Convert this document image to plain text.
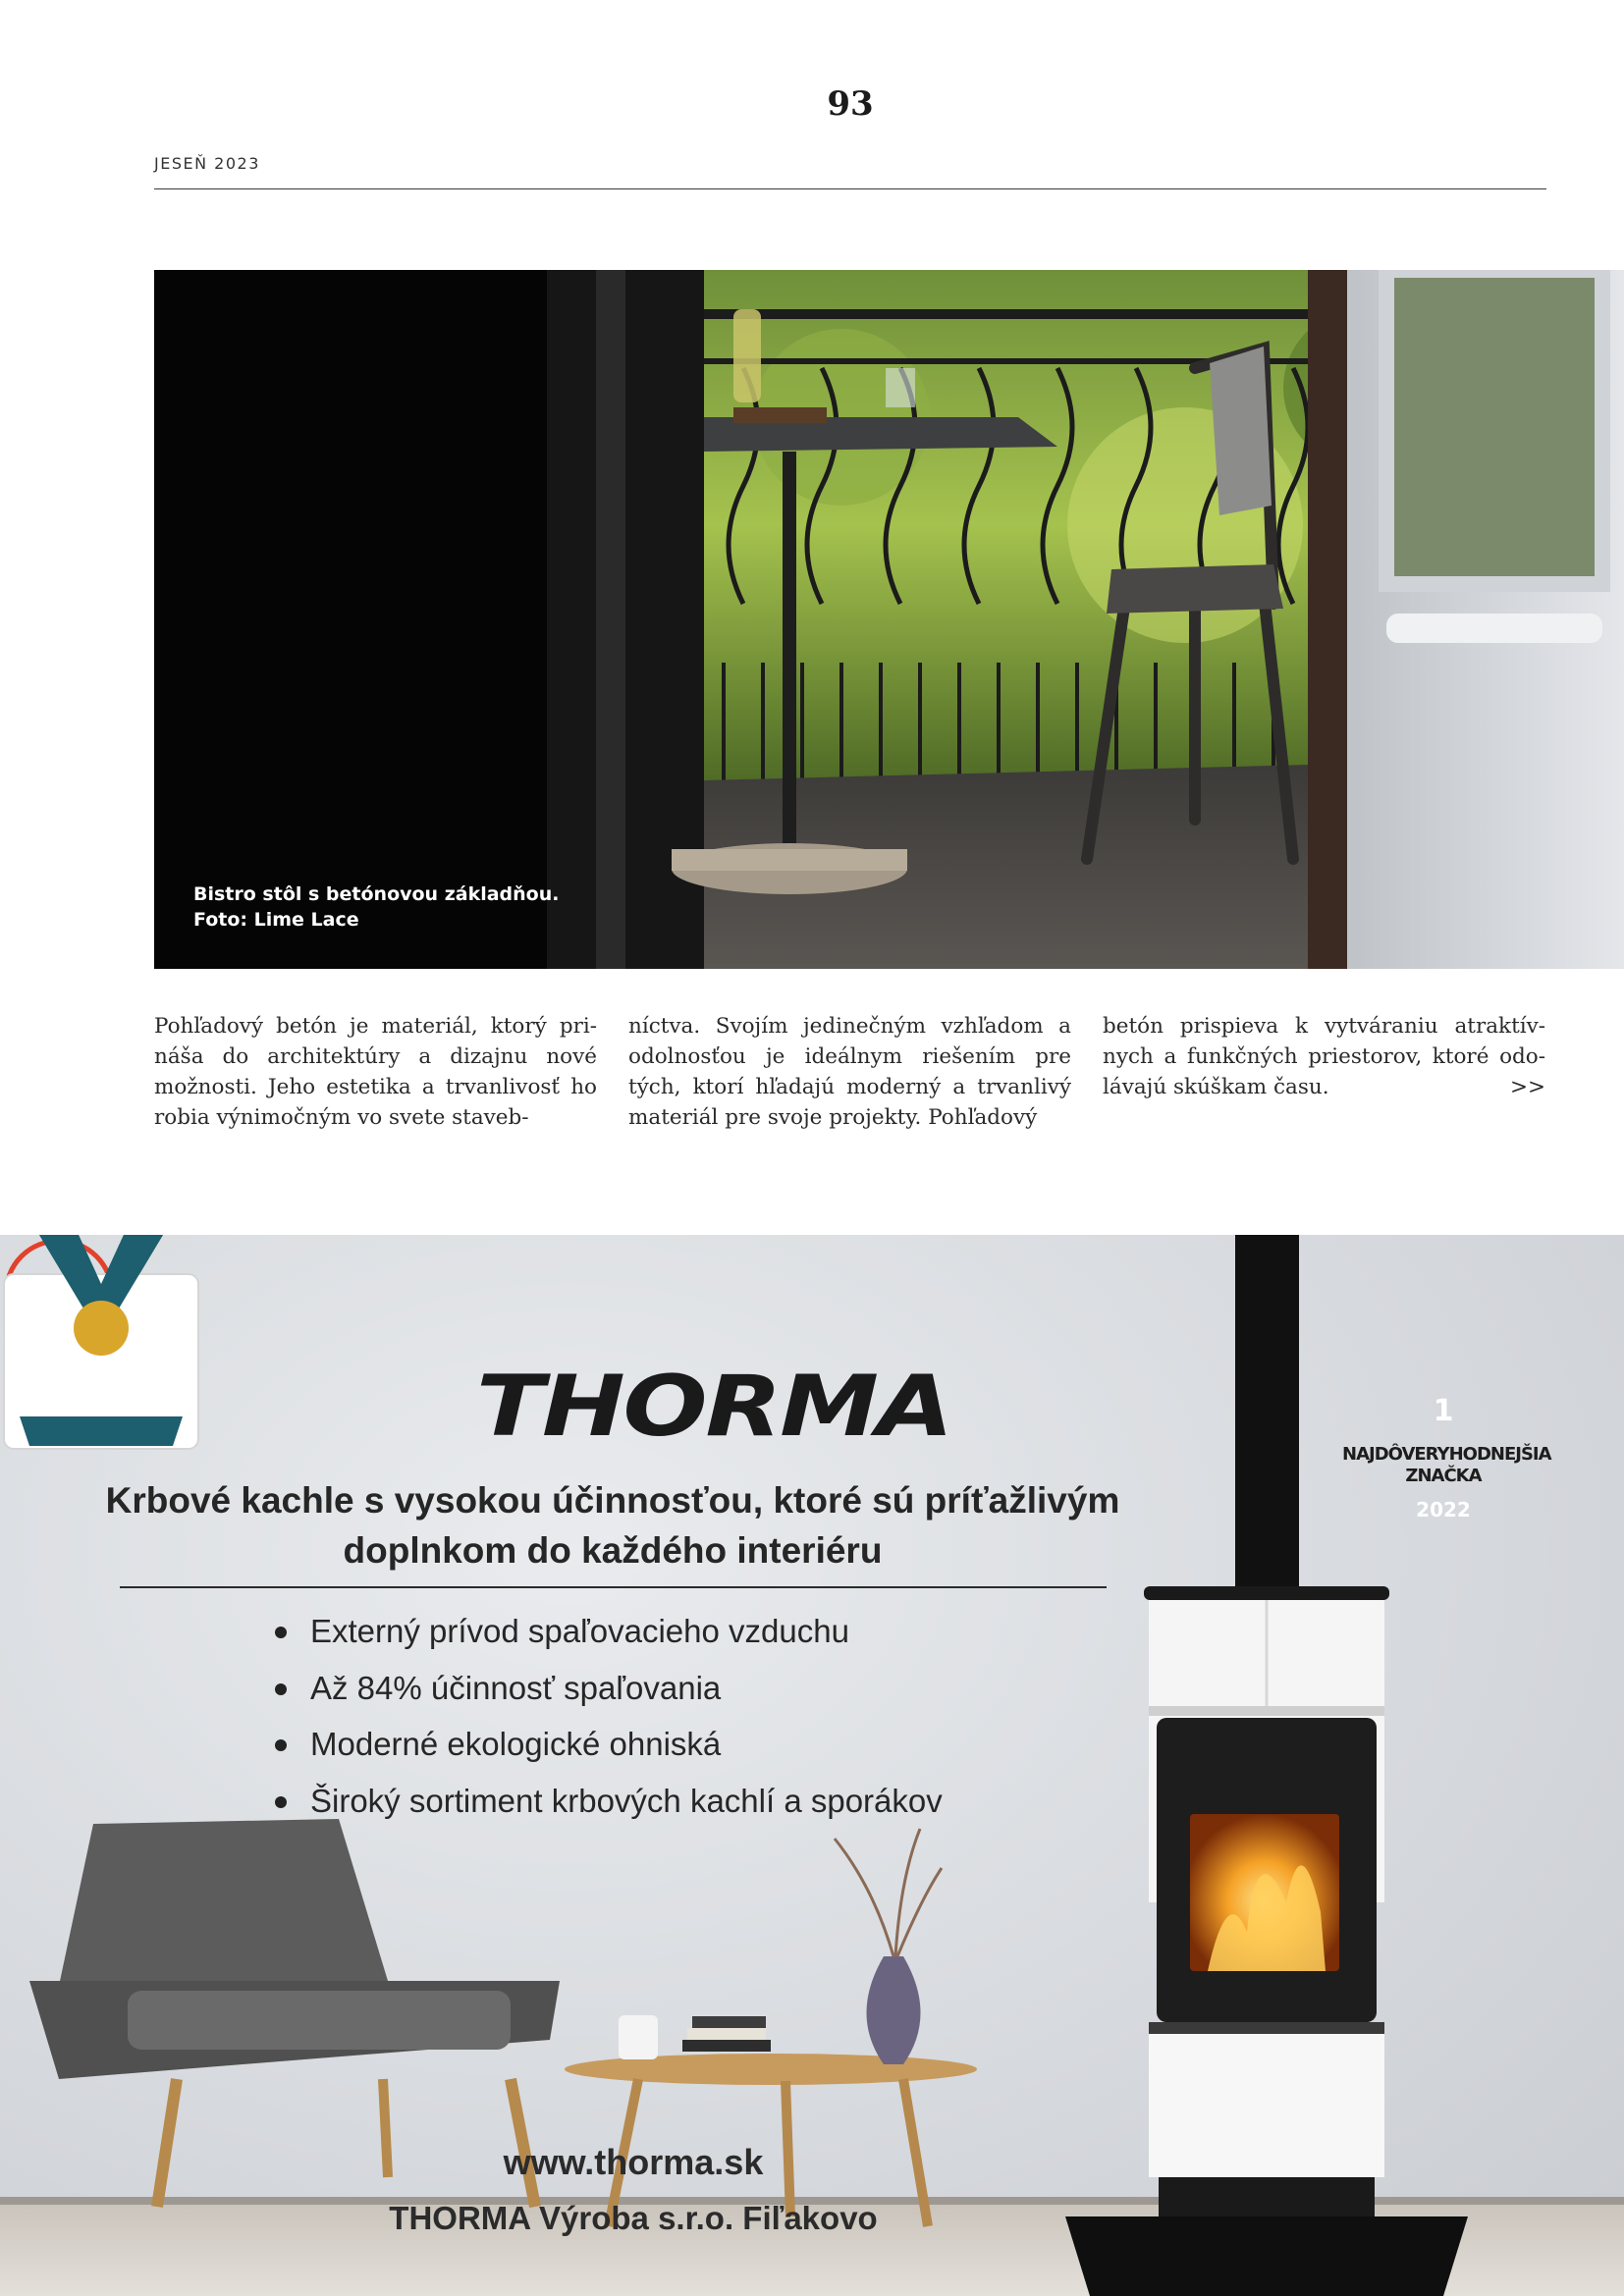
93
JESEŇ 2023
Bistro stôl s betónovou základňou.
Foto: Lime Lace
Pohľadový betón je materiál, ktorý pri-náša do architektúry a dizajnu nové možnosti. Jeho estetika a trvanlivosť ho robia výnimočným vo svete staveb-
níctva. Svojím jedinečným vzhľadom a odolnosťou je ideálnym riešením pre tých, ktorí hľadajú moderný a trvanlivý materiál pre svoje projekty. Pohľadový
betón prispieva k vytváraniu atraktív-nych a funkčných priestorov, ktoré odo-lávajú skúškam času.	>>
THORMA
Krbové kachle s vysokou účinnosťou, ktoré sú príťažlivým
doplnkom do každého interiéru
Externý prívod spaľovacieho vzduchu
Až 84% účinnosť spaľovania
Moderné ekologické ohniská
Široký sortiment krbových kachlí a sporákov
1
NAJDÔVERYHODNEJŠIA
ZNAČKA
2022
www.thorma.sk
THORMA Výroba s.r.o. Fiľakovo
